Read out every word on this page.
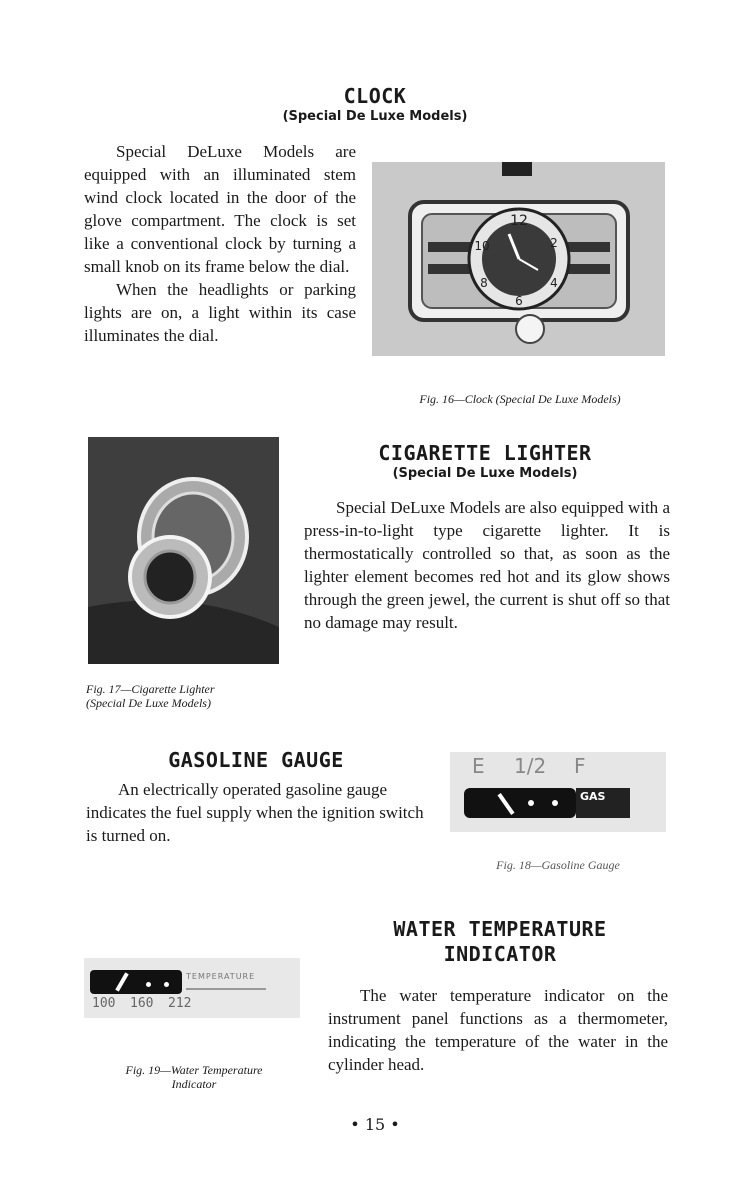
CLOCK
(Special De Luxe Models)

Special DeLuxe Models are equipped with an illuminated stem wind clock located in the door of the glove compartment. The clock is set like a conventional clock by turning a small knob on its frame below the dial.

When the headlights or parking lights are on, a light within its case illuminates the dial.

12
10	2
8	4
6
Fig. 16—Clock (Special De Luxe Models)
Fig. 17—Cigarette Lighter
(Special De Luxe Models)
CIGARETTE LIGHTER
(Special De Luxe Models)

Special DeLuxe Models are also equipped with a press-in-to-light type cigarette lighter. It is thermostatically controlled so that, as soon as the lighter element becomes red hot and its glow shows through the green jewel, the current is shut off so that no damage may result.

GASOLINE GAUGE

An electrically operated gasoline gauge indicates the fuel supply when the ignition switch is turned on.

E 1/2 F
GAS
Fig. 18—Gasoline Gauge
WATER TEMPERATURE
INDICATOR

The water temperature indicator on the instrument panel functions as a thermometer, indicating the temperature of the water in the cylinder head.

TEMPERATURE
100 160 212
Fig. 19—Water Temperature
Indicator
• 15 •
